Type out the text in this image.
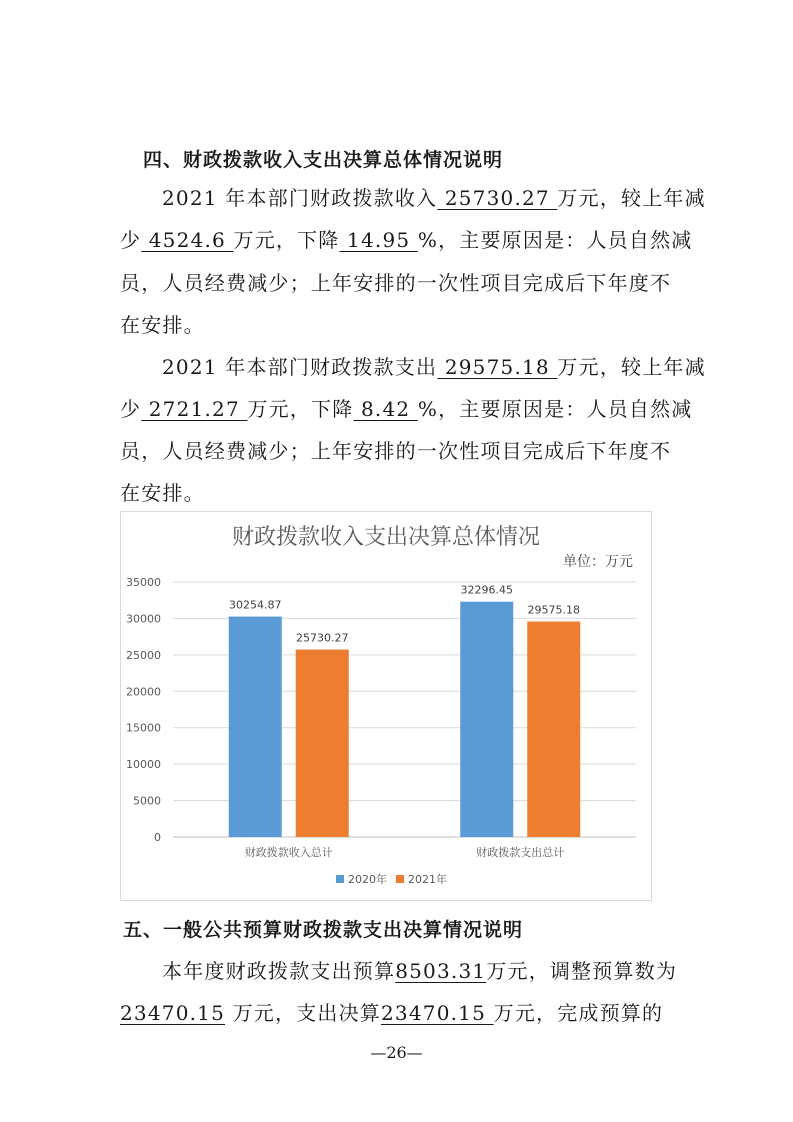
四、财政拨款收入支出决算总体情况说明
2021 年本部门财政拨款收入 25730.27 万元，较上年减
少 4524.6 万元，下降 14.95 %，主要原因是：人员自然减
员，人员经费减少；上年安排的一次性项目完成后下年度不
在安排。
2021 年本部门财政拨款支出 29575.18 万元，较上年减
少 2721.27 万元，下降 8.42 %，主要原因是：人员自然减
员，人员经费减少；上年安排的一次性项目完成后下年度不
在安排。
财政拨款收入支出决算总体情况
单位：万元
0
5000
10000
15000
20000
25000
30000
35000
30254.87
25730.27
财政拨款收入总计
32296.45
29575.18
财政拨款支出总计
2020年 2021年
五、一般公共预算财政拨款支出决算情况说明
本年度财政拨款支出预算8503.31万元，调整预算数为
23470.15 万元，支出决算23470.15 万元，完成预算的
—26—
